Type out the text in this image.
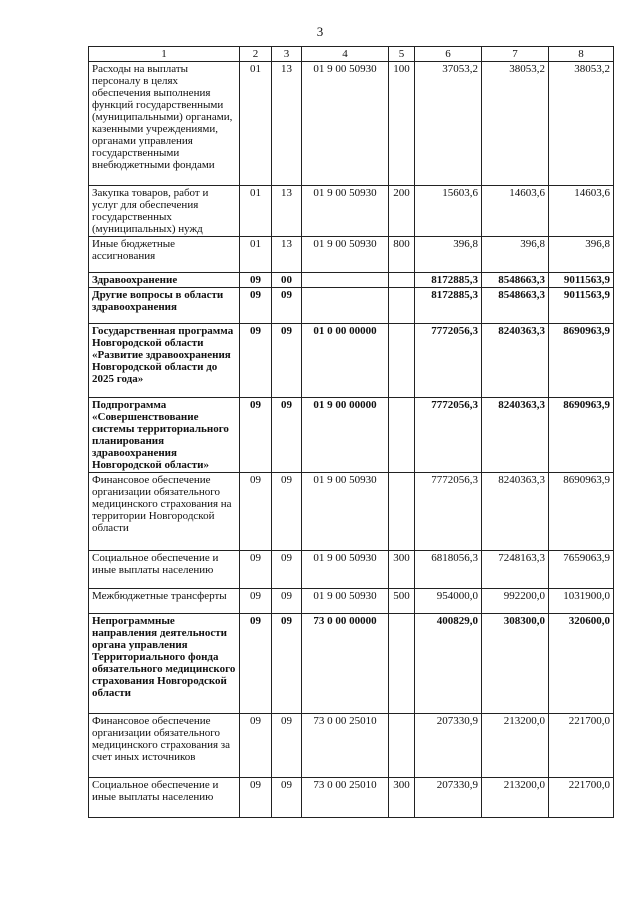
3
1	2	3	4	5	6	7	8
Расходы на выплаты персоналу в целях обеспечения выполнения функций государственными (муниципальными) органами, казенными учреждениями, органами управления государственными внебюджетными фондами	01	13	01 9 00 50930	100	37053,2	38053,2	38053,2
Закупка товаров, работ и услуг для обеспечения государственных (муниципальных) нужд	01	13	01 9 00 50930	200	15603,6	14603,6	14603,6
Иные бюджетные ассигнования	01	13	01 9 00 50930	800	396,8	396,8	396,8
Здравоохранение	09	00			8172885,3	8548663,3	9011563,9
Другие вопросы в области здравоохранения	09	09			8172885,3	8548663,3	9011563,9
Государственная программа Новгородской области «Развитие здравоохранения Новгородской области до 2025 года»	09	09	01 0 00 00000		7772056,3	8240363,3	8690963,9
Подпрограмма «Совершенствование системы территориального планирования здравоохранения Новгородской области»	09	09	01 9 00 00000		7772056,3	8240363,3	8690963,9
Финансовое обеспечение организации обязательного медицинского страхования на территории Новгородской области	09	09	01 9 00 50930		7772056,3	8240363,3	8690963,9
Социальное обеспечение и иные выплаты населению	09	09	01 9 00 50930	300	6818056,3	7248163,3	7659063,9
Межбюджетные трансферты	09	09	01 9 00 50930	500	954000,0	992200,0	1031900,0
Непрограммные направления деятельности органа управления Территориального фонда обязательного медицинского страхования Новгородской области	09	09	73 0 00 00000		400829,0	308300,0	320600,0
Финансовое обеспечение организации обязательного медицинского страхования за счет иных источников	09	09	73 0 00 25010		207330,9	213200,0	221700,0
Социальное обеспечение и иные выплаты населению	09	09	73 0 00 25010	300	207330,9	213200,0	221700,0
